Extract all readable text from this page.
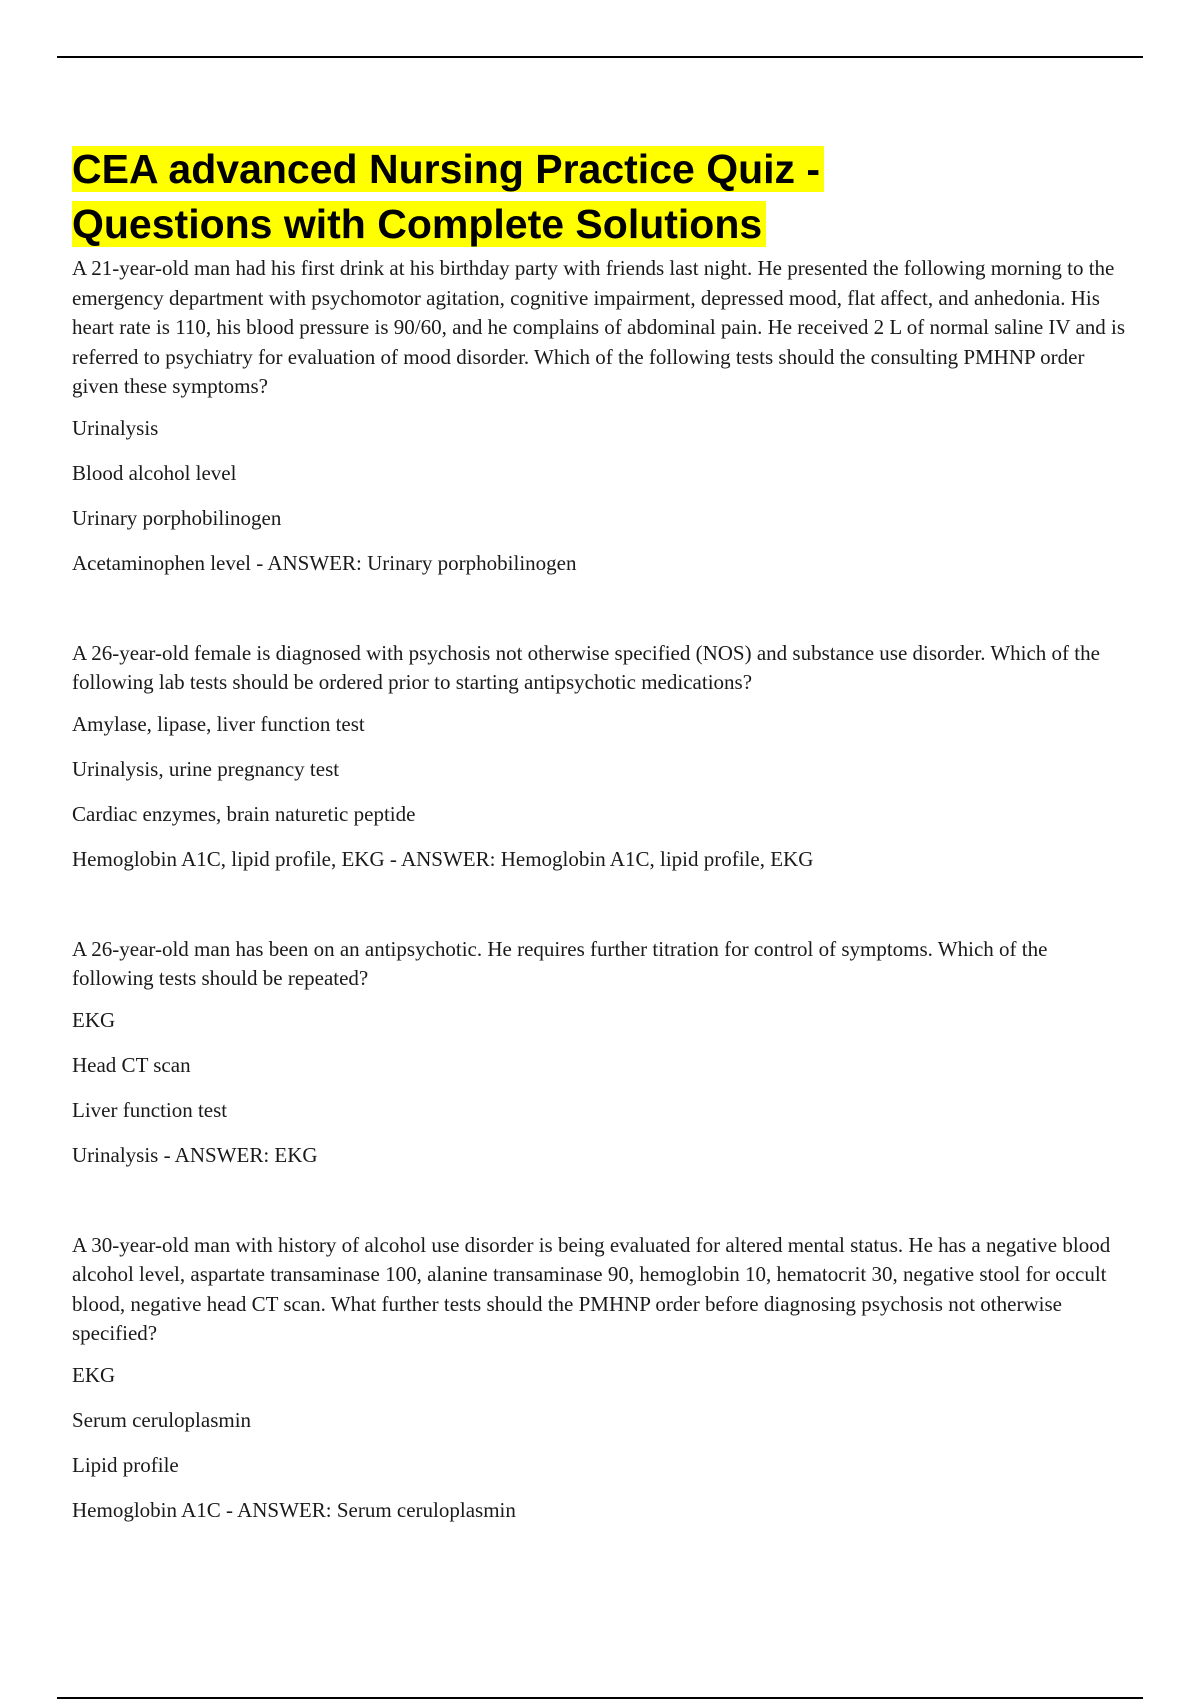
CEA advanced Nursing Practice Quiz -
Questions with Complete Solutions

A 21-year-old man had his first drink at his birthday party with friends last night. He presented the following morning to the emergency department with psychomotor agitation, cognitive impairment, depressed mood, flat affect, and anhedonia. His heart rate is 110, his blood pressure is 90/60, and he complains of abdominal pain. He received 2 L of normal saline IV and is referred to psychiatry for evaluation of mood disorder. Which of the following tests should the consulting PMHNP order given these symptoms?

Urinalysis

Blood alcohol level

Urinary porphobilinogen

Acetaminophen level - ANSWER: Urinary porphobilinogen

A 26-year-old female is diagnosed with psychosis not otherwise specified (NOS) and substance use disorder. Which of the following lab tests should be ordered prior to starting antipsychotic medications?

Amylase, lipase, liver function test

Urinalysis, urine pregnancy test

Cardiac enzymes, brain naturetic peptide

Hemoglobin A1C, lipid profile, EKG - ANSWER: Hemoglobin A1C, lipid profile, EKG

A 26-year-old man has been on an antipsychotic. He requires further titration for control of symptoms. Which of the following tests should be repeated?

EKG

Head CT scan

Liver function test

Urinalysis - ANSWER: EKG

A 30-year-old man with history of alcohol use disorder is being evaluated for altered mental status. He has a negative blood alcohol level, aspartate transaminase 100, alanine transaminase 90, hemoglobin 10, hematocrit 30, negative stool for occult blood, negative head CT scan. What further tests should the PMHNP order before diagnosing psychosis not otherwise specified?

EKG

Serum ceruloplasmin

Lipid profile

Hemoglobin A1C - ANSWER: Serum ceruloplasmin
